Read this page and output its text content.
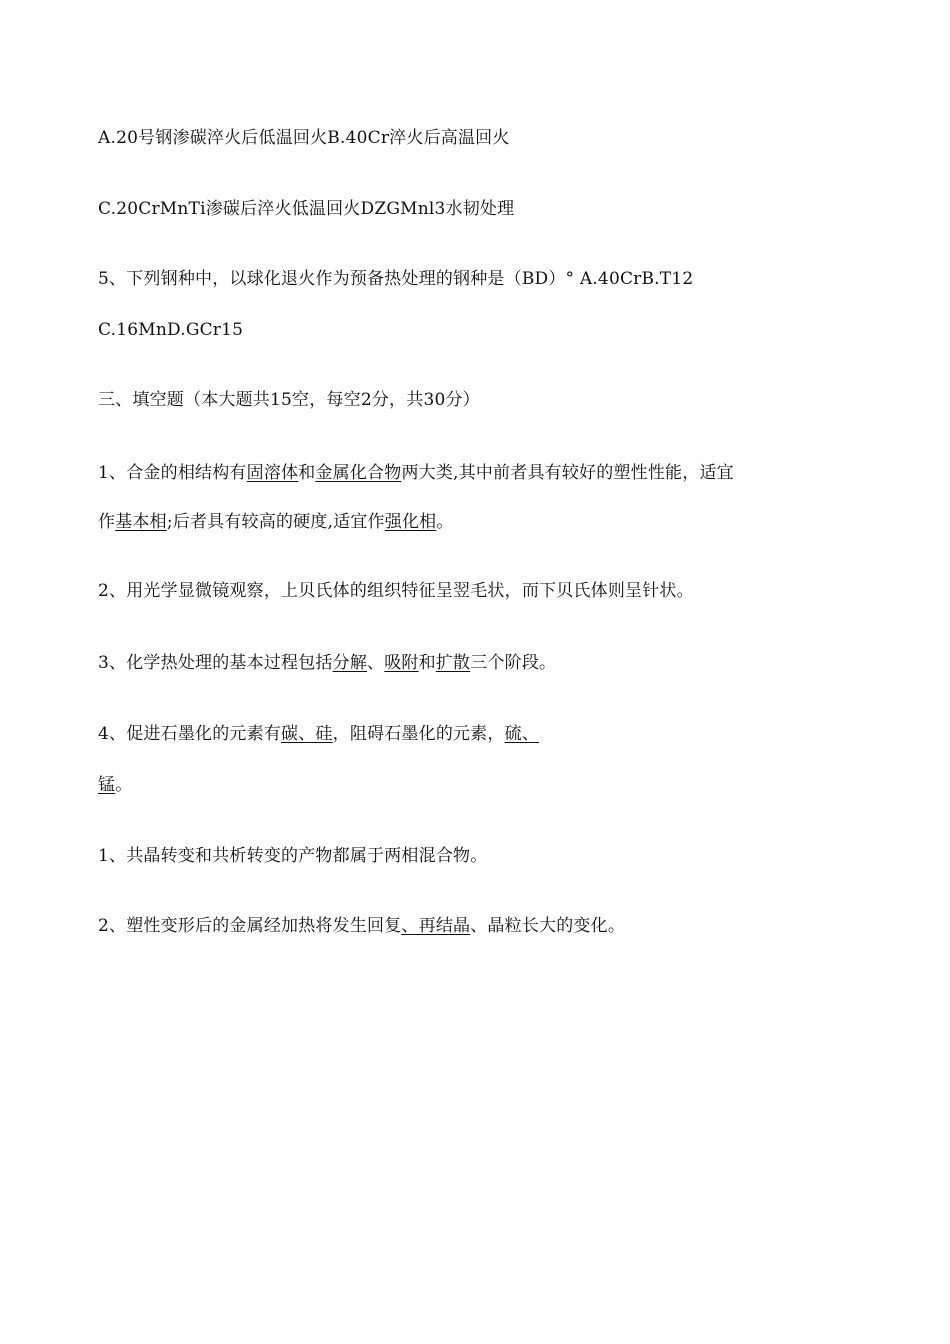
A.20号钢渗碳淬火后低温回火B.40Cr淬火后高温回火
C.20CrMnTi渗碳后淬火低温回火DZGMnl3水韧处理
5、下列钢种中，以球化退火作为预备热处理的钢种是（BD）° A.40CrB.T12
C.16MnD.GCr15
三、填空题（本大题共15空，每空2分，共30分）
1、合金的相结构有固溶体和金属化合物两大类,其中前者具有较好的塑性性能，适宜
作基本相;后者具有较高的硬度,适宜作强化相。
2、用光学显微镜观察，上贝氏体的组织特征呈翌毛状，而下贝氏体则呈针状。
3、化学热处理的基本过程包括分解、吸附和扩散三个阶段。
4、促进石墨化的元素有碳、硅，阻碍石墨化的元素，硫、
锰。
1、共晶转变和共析转变的产物都属于两相混合物。
2、塑性变形后的金属经加热将发生回复、再结晶、晶粒长大的变化。
